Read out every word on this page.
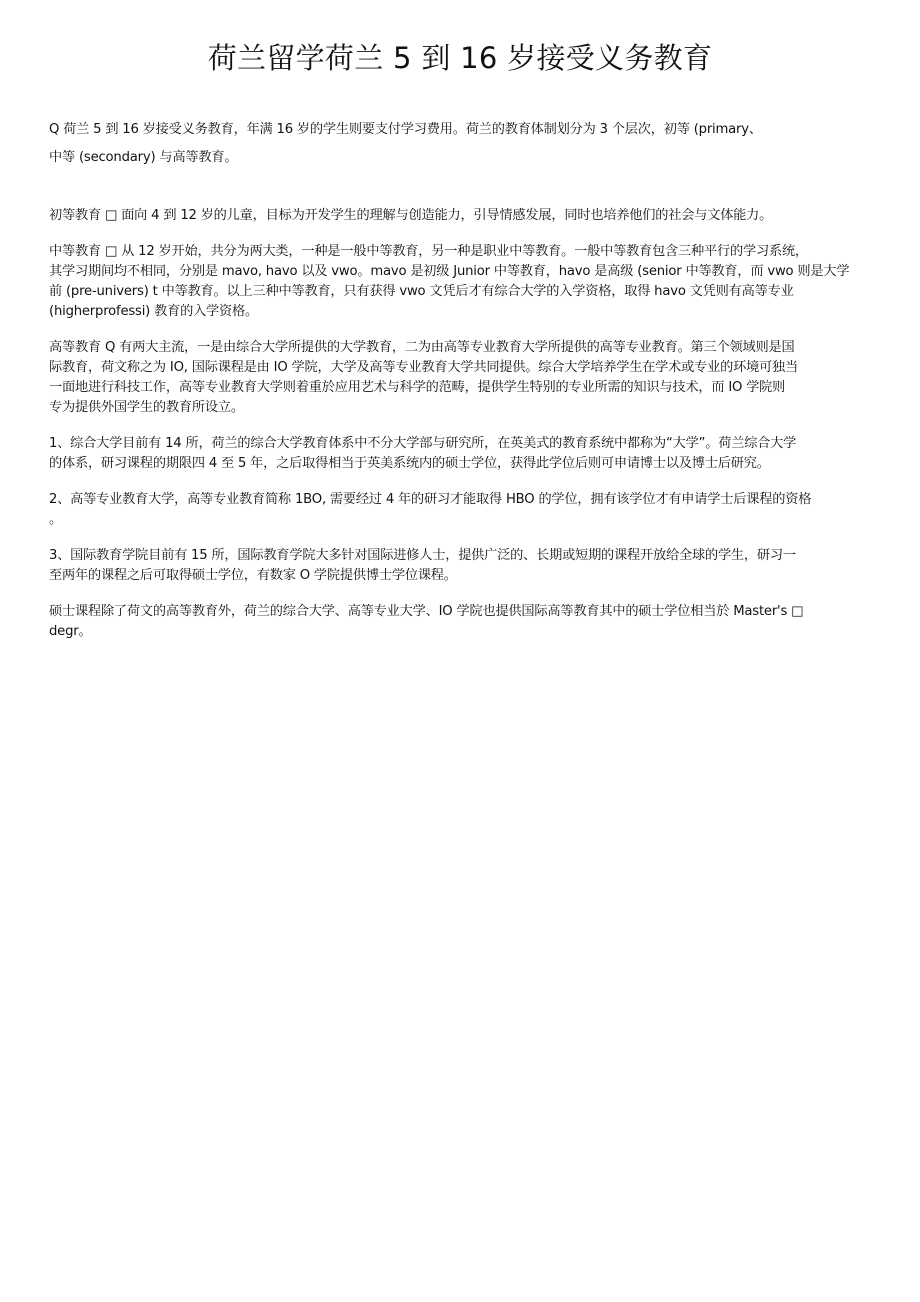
荷兰留学荷兰 5 到 16 岁接受义务教育

Q 荷兰 5 到 16 岁接受义务教育，年满 16 岁的学生则要支付学习费用。荷兰的教育体制划分为 3 个层次，初等 (primary、
中等 (secondary) 与高等教育。

初等教育 □ 面向 4 到 12 岁的儿童，目标为开发学生的理解与创造能力，引导情感发展，同时也培养他们的社会与文体能力。

中等教育 □ 从 12 岁开始，共分为两大类，一种是一般中等教育，另一种是职业中等教育。一般中等教育包含三种平行的学习系统，
其学习期间均不相同，分别是 mavo, havo 以及 vwo。mavo 是初级 Junior 中等教育，havo 是高级 (senior 中等教育，而 vwo 则是大学
前 (pre-univers) t 中等教育。以上三种中等教育，只有获得 vwo 文凭后才有综合大学的入学资格，取得 havo 文凭则有高等专业
(higherprofessi) 教育的入学资格。

高等教育 Q 有两大主流，一是由综合大学所提供的大学教育，二为由高等专业教育大学所提供的高等专业教育。第三个领域则是国
际教育，荷文称之为 IO, 国际课程是由 IO 学院，大学及高等专业教育大学共同提供。综合大学培养学生在学术或专业的环境可独当
一面地进行科技工作，高等专业教育大学则着重於应用艺术与科学的范畴，提供学生特别的专业所需的知识与技术，而 IO 学院则
专为提供外国学生的教育所设立。

1、综合大学目前有 14 所，荷兰的综合大学教育体系中不分大学部与研究所，在英美式的教育系统中都称为“大学”。荷兰综合大学
的体系，研习课程的期限四 4 至 5 年，之后取得相当于英美系统内的硕士学位，获得此学位后则可申请博士以及博士后研究。

2、高等专业教育大学，高等专业教育简称 1BO, 需要经过 4 年的研习才能取得 HBO 的学位，拥有该学位才有申请学士后课程的资格
。

3、国际教育学院目前有 15 所，国际教育学院大多针对国际进修人士，提供广泛的、长期或短期的课程开放给全球的学生，研习一
至两年的课程之后可取得硕士学位，有数家 O 学院提供博士学位课程。

硕士课程除了荷文的高等教育外，荷兰的综合大学、高等专业大学、IO 学院也提供国际高等教育其中的硕士学位相当於 Master's □
degr。
